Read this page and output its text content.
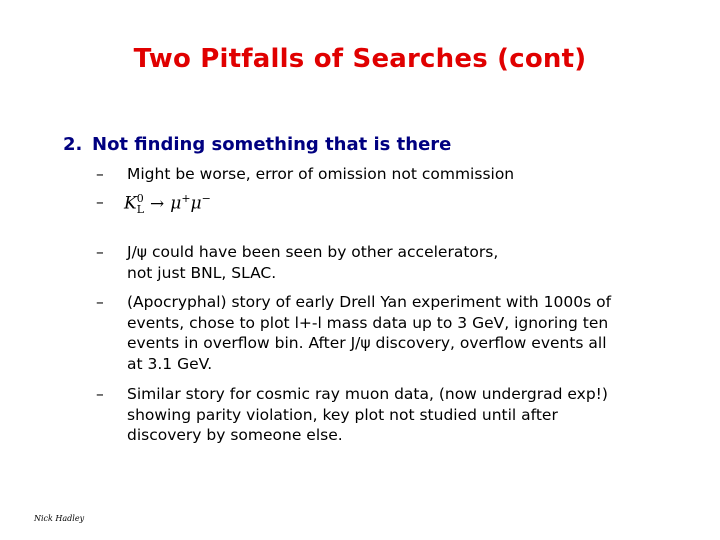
Two Pitfalls of Searches (cont)
2. Not finding something that is there
– Might be worse, error of omission not commission
– $K^0_L \to \mu^+\mu^-$
– J/ψ could have been seen by other accelerators,
not just BNL, SLAC.
– (Apocryphal) story of early Drell Yan experiment with 1000s of
events, chose to plot l+-l mass data up to 3 GeV, ignoring ten
events in overflow bin. After J/ψ discovery, overflow events all
at 3.1 GeV.
– Similar story for cosmic ray muon data, (now undergrad exp!)
showing parity violation, key plot not studied until after
discovery by someone else.
Nick Hadley
